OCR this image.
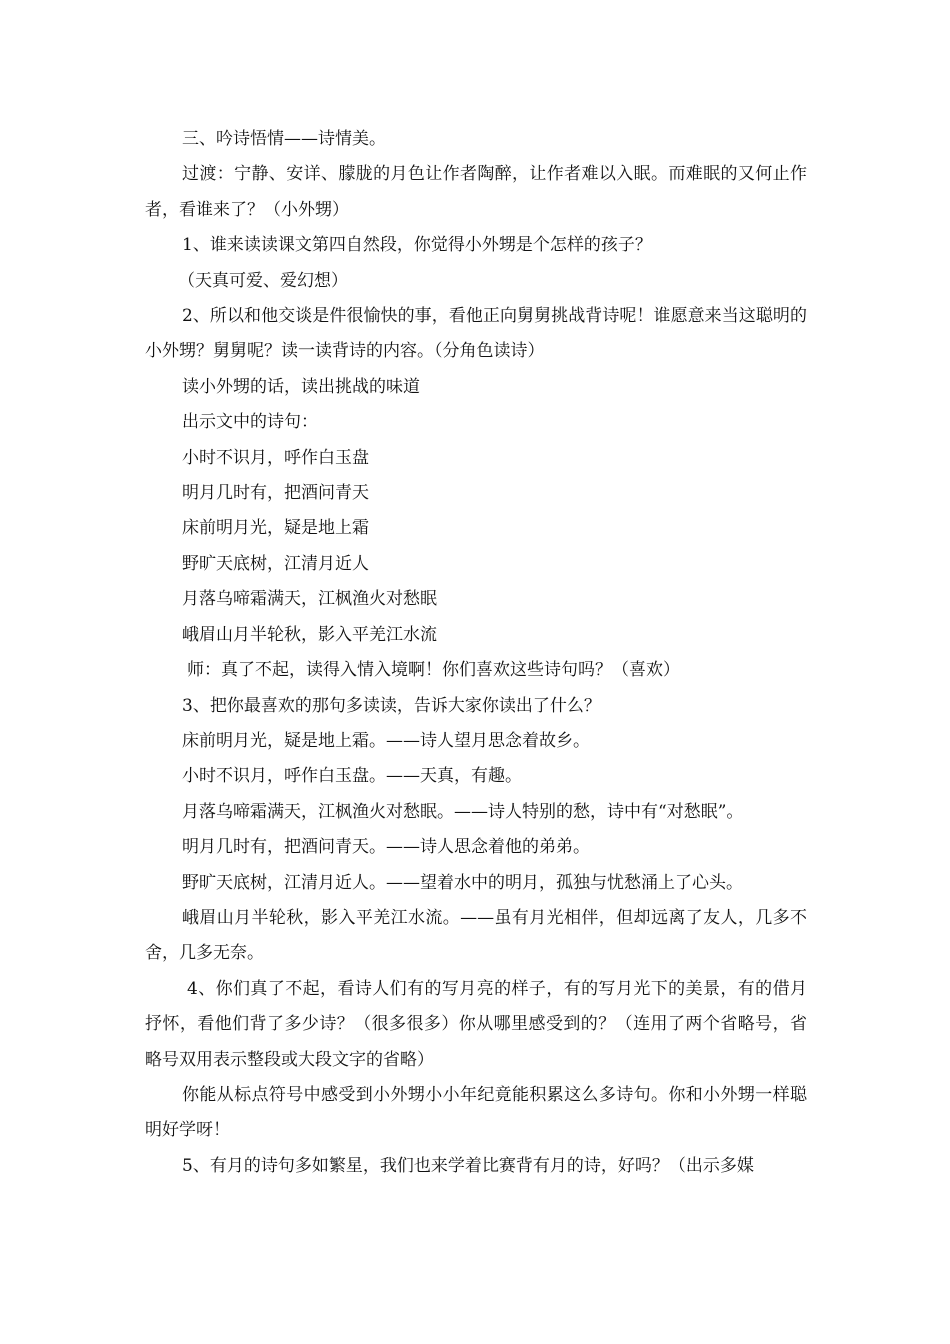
三、吟诗悟情——诗情美。

过渡：宁静、安详、朦胧的月色让作者陶醉，让作者难以入眠。而难眠的又何止作者，看谁来了？（小外甥）

1、谁来读读课文第四自然段，你觉得小外甥是个怎样的孩子？

（天真可爱、爱幻想）

2、所以和他交谈是件很愉快的事，看他正向舅舅挑战背诗呢！谁愿意来当这聪明的小外甥？舅舅呢？读一读背诗的内容。（分角色读诗）

读小外甥的话，读出挑战的味道

出示文中的诗句：

小时不识月，呼作白玉盘

明月几时有，把酒问青天

床前明月光，疑是地上霜

野旷天底树，江清月近人

月落乌啼霜满天，江枫渔火对愁眠

峨眉山月半轮秋，影入平羌江水流

师：真了不起，读得入情入境啊！你们喜欢这些诗句吗？（喜欢）

3、把你最喜欢的那句多读读，告诉大家你读出了什么？

床前明月光，疑是地上霜。——诗人望月思念着故乡。

小时不识月，呼作白玉盘。——天真，有趣。

月落乌啼霜满天，江枫渔火对愁眠。——诗人特别的愁，诗中有“对愁眠”。

明月几时有，把酒问青天。——诗人思念着他的弟弟。

野旷天底树，江清月近人。——望着水中的明月，孤独与忧愁涌上了心头。

峨眉山月半轮秋，影入平羌江水流。——虽有月光相伴，但却远离了友人，几多不舍，几多无奈。

4、你们真了不起，看诗人们有的写月亮的样子，有的写月光下的美景，有的借月抒怀，看他们背了多少诗？（很多很多）你从哪里感受到的？（连用了两个省略号，省略号双用表示整段或大段文字的省略）

你能从标点符号中感受到小外甥小小年纪竟能积累这么多诗句。你和小外甥一样聪明好学呀！

5、有月的诗句多如繁星，我们也来学着比赛背有月的诗，好吗？（出示多媒
